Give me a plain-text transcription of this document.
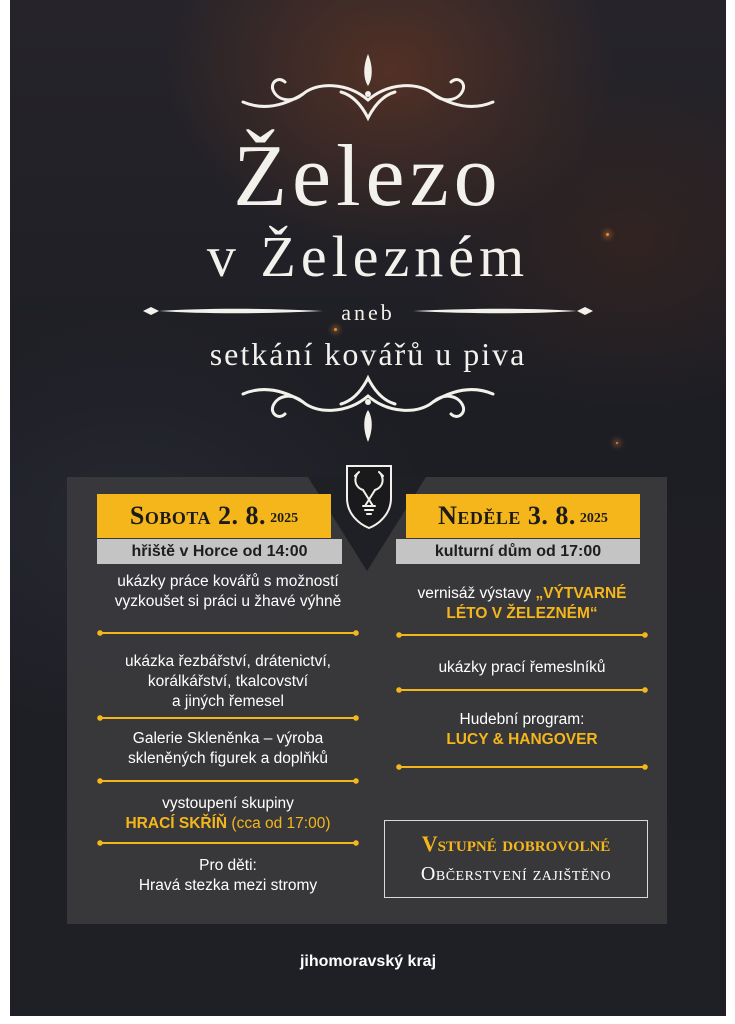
Železo
v Železném
aneb
setkání kovářů u piva
Sobota 2. 8. 2025	Neděle 3. 8. 2025
hřiště v Horce od 14:00	kulturní dům od 17:00
ukázky práce kovářů s možností
vyzkoušet si práci u žhavé výhně
ukázka řezbářství, drátenictví,
korálkářství, tkalcovství
a jiných řemesel
Galerie Skleněnka – výroba
skleněných figurek a doplňků
vystoupení skupiny
HRACÍ SKŘÍŇ (cca od 17:00)
Pro děti:
Hravá stezka mezi stromy
vernisáž výstavy „VÝTVARNÉ
LÉTO V ŽELEZNÉM“
ukázky prací řemeslníků
Hudební program:
LUCY & HANGOVER
Vstupné dobrovolné
Občerstvení zajištěno
jihomoravský kraj
